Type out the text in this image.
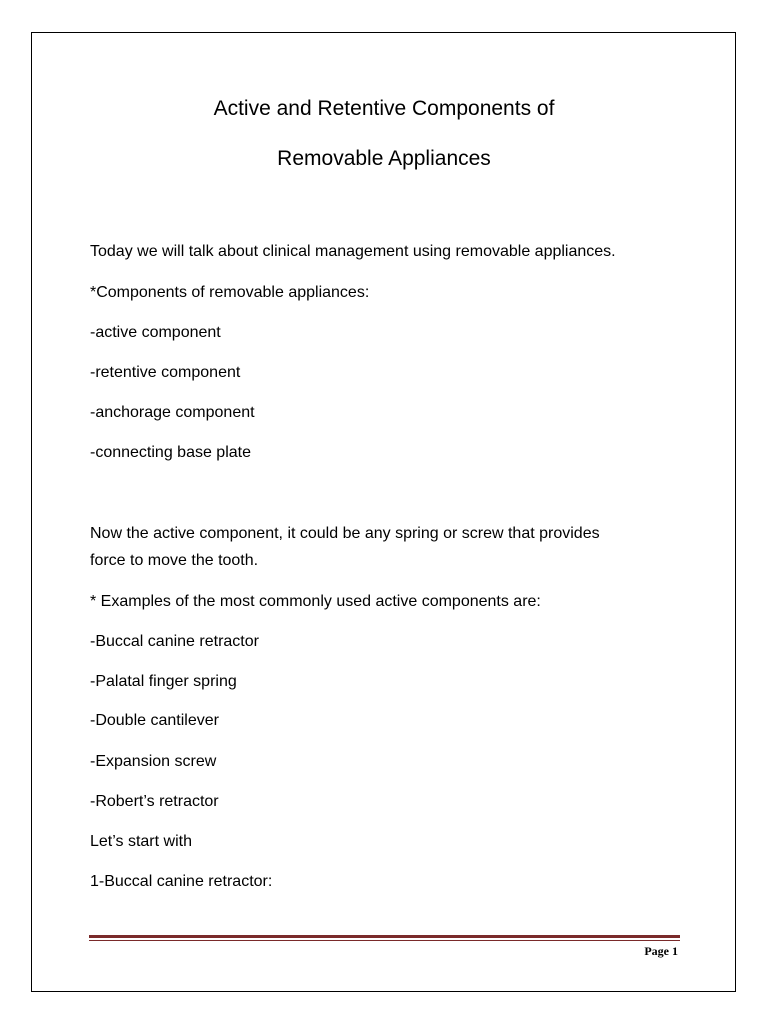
Active and Retentive Components of
Removable Appliances
Today we will talk about clinical management using removable appliances.
*Components of removable appliances:
-active component
-retentive component
-anchorage component
-connecting base plate
Now the active component, it could be any spring or screw that provides
force to move the tooth.
* Examples of the most commonly used active components are:
-Buccal canine retractor
-Palatal finger spring
-Double cantilever
-Expansion screw
-Robert’s retractor
Let’s start with
1-Buccal canine retractor:
Page 1
